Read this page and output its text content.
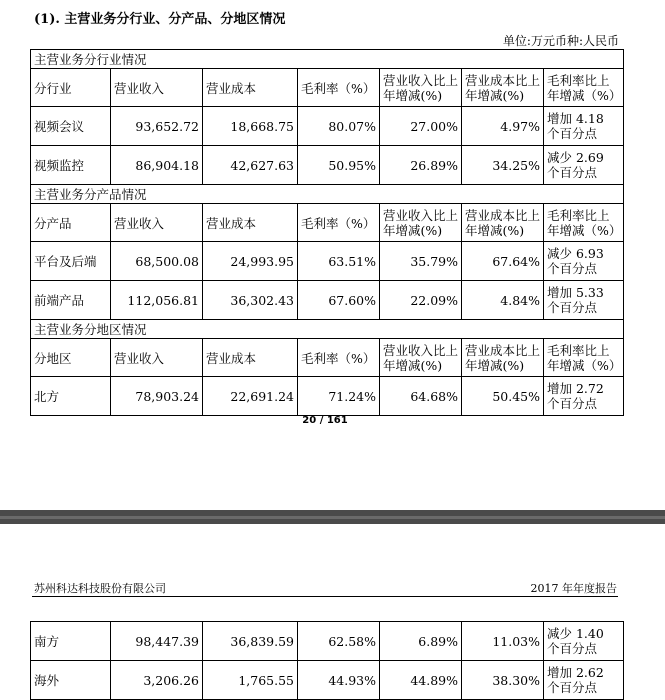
(1). 主营业务分行业、分产品、分地区情况
单位:万元币种:人民币
主营业务分行业情况						
分行业	营业收入	营业成本	毛利率（%）	营业收入比上年增减(%)	营业成本比上年增减(%)	毛利率比上年增减（%）
视频会议	93,652.72	18,668.75	80.07%	27.00%	4.97%	增加 4.18 个百分点
视频监控	86,904.18	42,627.63	50.95%	26.89%	34.25%	减少 2.69 个百分点
主营业务分产品情况						
分产品	营业收入	营业成本	毛利率（%）	营业收入比上年增减(%)	营业成本比上年增减(%)	毛利率比上年增减（%）
平台及后端	68,500.08	24,993.95	63.51%	35.79%	67.64%	减少 6.93 个百分点
前端产品	112,056.81	36,302.43	67.60%	22.09%	4.84%	增加 5.33 个百分点
主营业务分地区情况						
分地区	营业收入	营业成本	毛利率（%）	营业收入比上年增减(%)	营业成本比上年增减(%)	毛利率比上年增减（%）
北方	78,903.24	22,691.24	71.24%	64.68%	50.45%	增加 2.72 个百分点
20 / 161
苏州科达科技股份有限公司	2017 年年度报告
南方	98,447.39	36,839.59	62.58%	6.89%	11.03%	减少 1.40 个百分点
海外	3,206.26	1,765.55	44.93%	44.89%	38.30%	增加 2.62 个百分点
